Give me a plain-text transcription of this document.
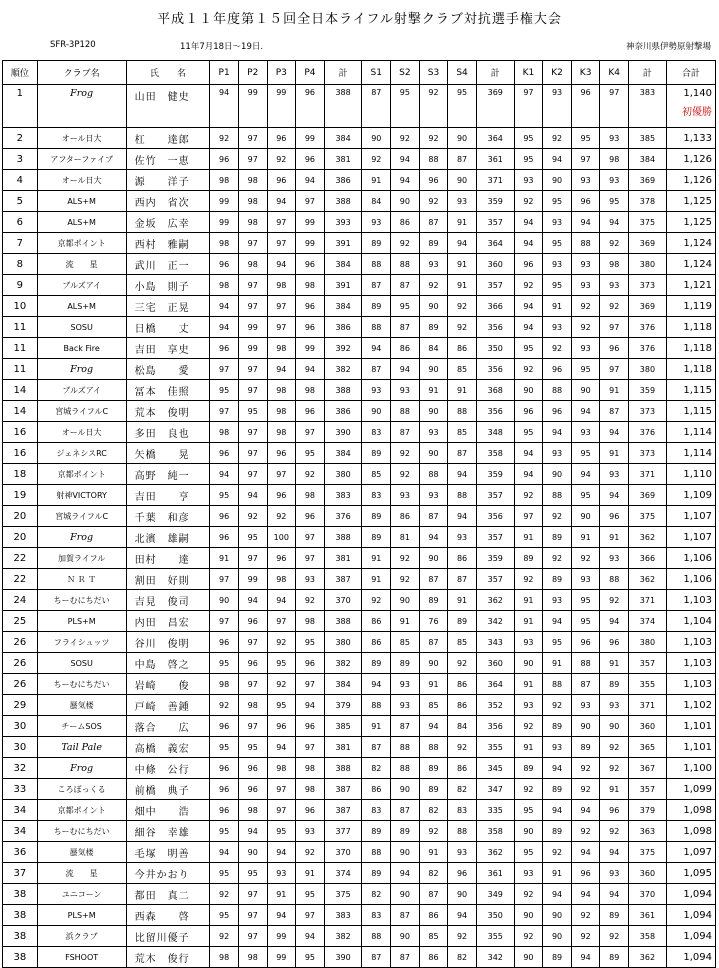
平成１１年度第１５回全日本ライフル射撃クラブ対抗選手権大会
SFR-3P120	11年7月18日～19日.	神奈川県伊勢原射撃場
順位	クラブ名	氏　　名	P1	P2	P3	P4	計	S1	S2	S3	S4	計	K1	K2	K3	K4	計	合計
1	Frog	山田　健史	94	99	99	96	388	87	95	92	95	369	97	93	96	97	383	1,140
初優勝

2	オール日大	杠　　達郎	92	97	96	99	384	90	92	92	90	364	95	92	95	93	385	1,133
3	アフターファイブ	佐竹　一恵	96	97	92	96	381	92	94	88	87	361	95	94	97	98	384	1,126
4	オール日大	源　　洋子	98	98	96	94	386	91	94	96	90	371	93	90	93	93	369	1,126
5	ALS+M	西内　省次	99	98	94	97	388	84	90	92	93	359	92	95	96	95	378	1,125
6	ALS+M	金坂　広幸	99	98	97	99	393	93	86	87	91	357	94	93	94	94	375	1,125
7	京都ポイント	西村　雅嗣	98	97	97	99	391	89	92	89	94	364	94	95	88	92	369	1,124
8	流　　星	武川　正一	96	98	94	96	384	88	88	93	91	360	96	93	93	98	380	1,124
9	ブルズアイ	小島　則子	98	97	98	98	391	87	87	92	91	357	92	95	93	93	373	1,121
10	ALS+M	三宅　正晃	94	97	97	96	384	89	95	90	92	366	94	91	92	92	369	1,119
11	SOSU	日橋　　丈	94	99	97	96	386	88	87	89	92	356	94	93	92	97	376	1,118
11	Back Fire	吉田　享史	96	99	98	99	392	94	86	84	86	350	95	92	93	96	376	1,118
11	Frog	松島　　愛	97	97	94	94	382	87	94	90	85	356	92	96	95	97	380	1,118
14	ブルズアイ	冨本　佳照	95	97	98	98	388	93	93	91	91	368	90	88	90	91	359	1,115
14	宮城ライフルC	荒本　俊明	97	95	98	96	386	90	88	90	88	356	96	96	94	87	373	1,115
16	オール日大	多田　良也	98	97	98	97	390	83	87	93	85	348	95	94	93	94	376	1,114
16	ジェネシスRC	矢橋　　晃	96	97	96	95	384	89	92	90	87	358	94	93	95	91	373	1,114
18	京都ポイント	高野　純一	94	97	97	92	380	85	92	88	94	359	94	90	94	93	371	1,110
19	射神VICTORY	吉田　　亨	95	94	96	98	383	83	93	93	88	357	92	88	95	94	369	1,109
20	宮城ライフルC	千葉　和彦	96	92	92	96	376	89	86	87	94	356	97	92	90	96	375	1,107
20	Frog	北濱　雄嗣	96	95	100	97	388	89	81	94	93	357	91	89	91	91	362	1,107
22	加賀ライフル	田村　　達	91	97	96	97	381	91	92	90	86	359	89	92	92	93	366	1,106
22	Ｎ Ｒ Ｔ	割田　好則	97	99	98	93	387	91	92	87	87	357	92	89	93	88	362	1,106
24	ちーむにちだい	吉見　俊司	90	94	94	92	370	92	90	89	91	362	91	93	95	92	371	1,103
25	PLS+M	内田　昌宏	97	96	97	98	388	86	91	76	89	342	91	94	95	94	374	1,104
26	フライシュッツ	谷川　俊明	96	97	92	95	380	86	85	87	85	343	93	95	96	96	380	1,103
26	SOSU	中島　啓之	95	96	95	96	382	89	89	90	92	360	90	91	88	91	357	1,103
26	ちーむにちだい	岩崎　　俊	98	97	92	97	384	94	93	91	86	364	91	88	87	89	355	1,103
29	蜃気楼	戸崎　善鍾	92	98	95	94	379	88	93	85	86	352	93	92	93	93	371	1,102
30	チームSOS	落合　　広	96	97	96	96	385	91	87	94	84	356	92	89	90	90	360	1,101
30	Tail Pale	高橋　義宏	95	95	94	97	381	87	88	88	92	355	91	93	89	92	365	1,101
32	Frog	中條　公行	96	96	98	98	388	82	88	89	86	345	89	94	92	92	367	1,100
33	ころぼっくる	前橋　典子	96	96	97	98	387	86	90	89	82	347	92	89	92	91	357	1,099
34	京都ポイント	畑中　　浩	96	98	97	96	387	83	87	82	83	335	95	94	94	96	379	1,098
34	ちーむにちだい	細谷　幸雄	95	94	95	93	377	89	89	92	88	358	90	89	92	92	363	1,098
36	蜃気楼	毛塚　明善	94	90	94	92	370	88	90	91	93	362	95	92	94	94	375	1,097
37	流　　星	今井かおり	95	95	93	91	374	89	94	82	96	361	93	91	96	93	360	1,095
38	ユニコーン	都田　真二	92	97	91	95	375	82	90	87	90	349	92	94	94	94	370	1,094
38	PLS+M	西森　　啓	95	97	94	97	383	83	87	86	94	350	90	90	92	89	361	1,094
38	浜クラブ	比留川優子	92	97	99	94	382	88	90	85	92	355	92	90	92	92	358	1,094
38	FSHOOT	荒木　俊行	98	98	99	95	390	87	87	86	82	342	90	89	94	89	362	1,094
